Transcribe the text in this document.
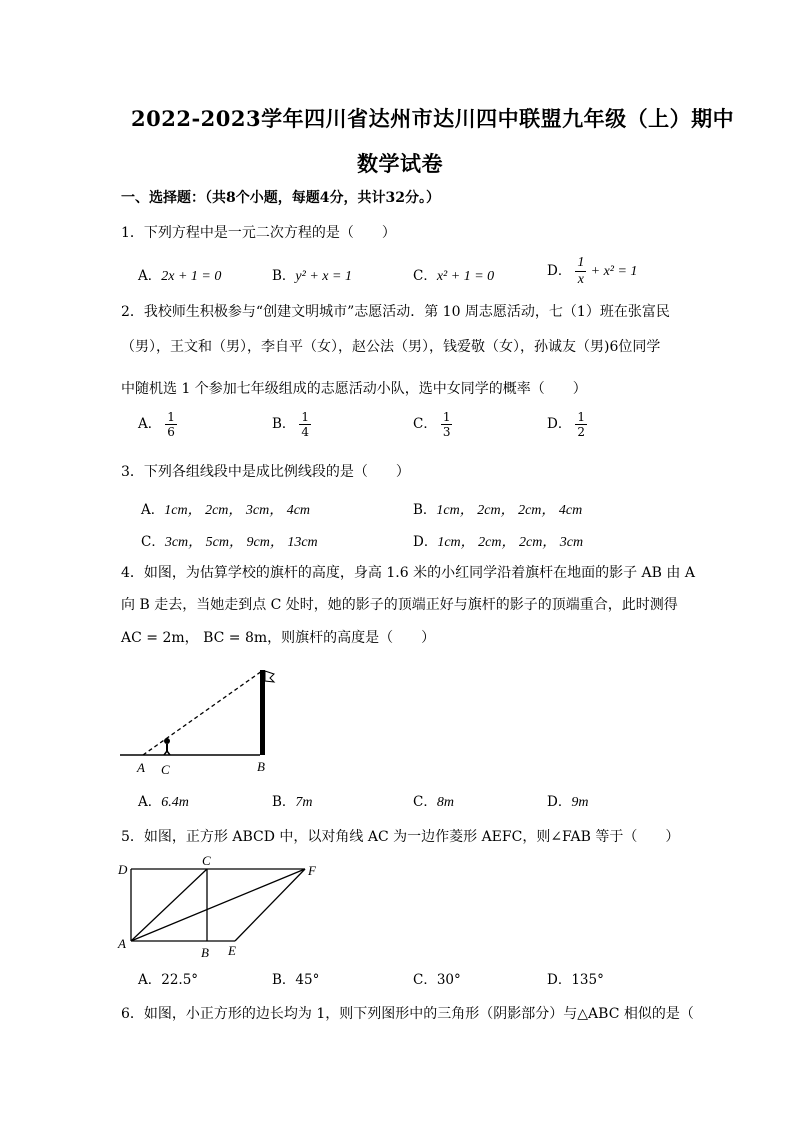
2022-2023学年四川省达州市达川四中联盟九年级（上）期中
数学试卷
一、选择题：（共8个小题，每题4分，共计32分。）
1．下列方程中是一元二次方程的是（　　）
A．2x + 1 = 0	B．y² + x = 1	C．x² + 1 = 0	D． $\frac{1}{x} + x^2 = 1$
2．我校师生积极参与“创建文明城市”志愿活动．第 10 周志愿活动，七（1）班在张富民
（男），王文和（男），李自平（女），赵公法（男），钱爱敬（女），孙诚友（男)6位同学
中随机选 1 个参加七年级组成的志愿活动小队，选中女同学的概率（　　）
A． $\frac{1}{6}$	B． $\frac{1}{4}$	C． $\frac{1}{3}$	D． $\frac{1}{2}$
3．下列各组线段中是成比例线段的是（　　）
A．1cm， 2cm， 3cm， 4cm	B．1cm， 2cm， 2cm， 4cm
C．3cm， 5cm， 9cm， 13cm	D．1cm， 2cm， 2cm， 3cm
4．如图，为估算学校的旗杆的高度，身高 1.6 米的小红同学沿着旗杆在地面的影子 AB 由 A
向 B 走去，当她走到点 C 处时，她的影子的顶端正好与旗杆的影子的顶端重合，此时测得
AC = 2m， BC = 8m，则旗杆的高度是（　　）
A C	B
A．6.4m	B．7m	C．8m	D．9m
5．如图，正方形 ABCD 中，以对角线 AC 为一边作菱形 AEFC，则∠FAB 等于（　　）
D
C
F
A
B E
A．22.5°	B．45°	C．30°	D．135°
6．如图，小正方形的边长均为 1，则下列图形中的三角形（阴影部分）与△ABC 相似的是（
